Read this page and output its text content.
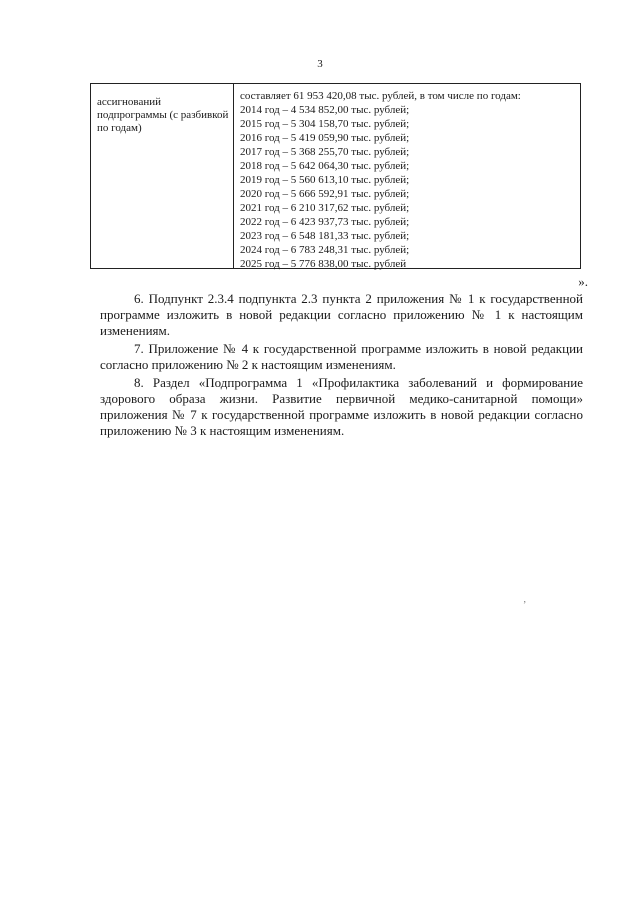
3
ассигнований подпрограммы (с разбивкой по годам)
составляет 61 953 420,08 тыс. рублей, в том числе по годам:
2014 год – 4 534 852,00 тыс. рублей;
2015 год – 5 304 158,70 тыс. рублей;
2016 год – 5 419 059,90 тыс. рублей;
2017 год – 5 368 255,70 тыс. рублей;
2018 год – 5 642 064,30 тыс. рублей;
2019 год – 5 560 613,10 тыс. рублей;
2020 год – 5 666 592,91 тыс. рублей;
2021 год – 6 210 317,62 тыс. рублей;
2022 год – 6 423 937,73 тыс. рублей;
2023 год – 6 548 181,33 тыс. рублей;
2024 год – 6 783 248,31 тыс. рублей;
2025 год – 5 776 838,00 тыс. рублей
».

6. Подпункт 2.3.4 подпункта 2.3 пункта 2 приложения № 1 к государственной программе изложить в новой редакции согласно приложению № 1 к настоящим изменениям.

7. Приложение № 4 к государственной программе изложить в новой редакции согласно приложению № 2 к настоящим изменениям.

8. Раздел «Подпрограмма 1 «Профилактика заболеваний и формирование здорового образа жизни. Развитие первичной медико-санитарной помощи» приложения № 7 к государственной программе изложить в новой редакции согласно приложению № 3 к настоящим изменениям.

ʼ
